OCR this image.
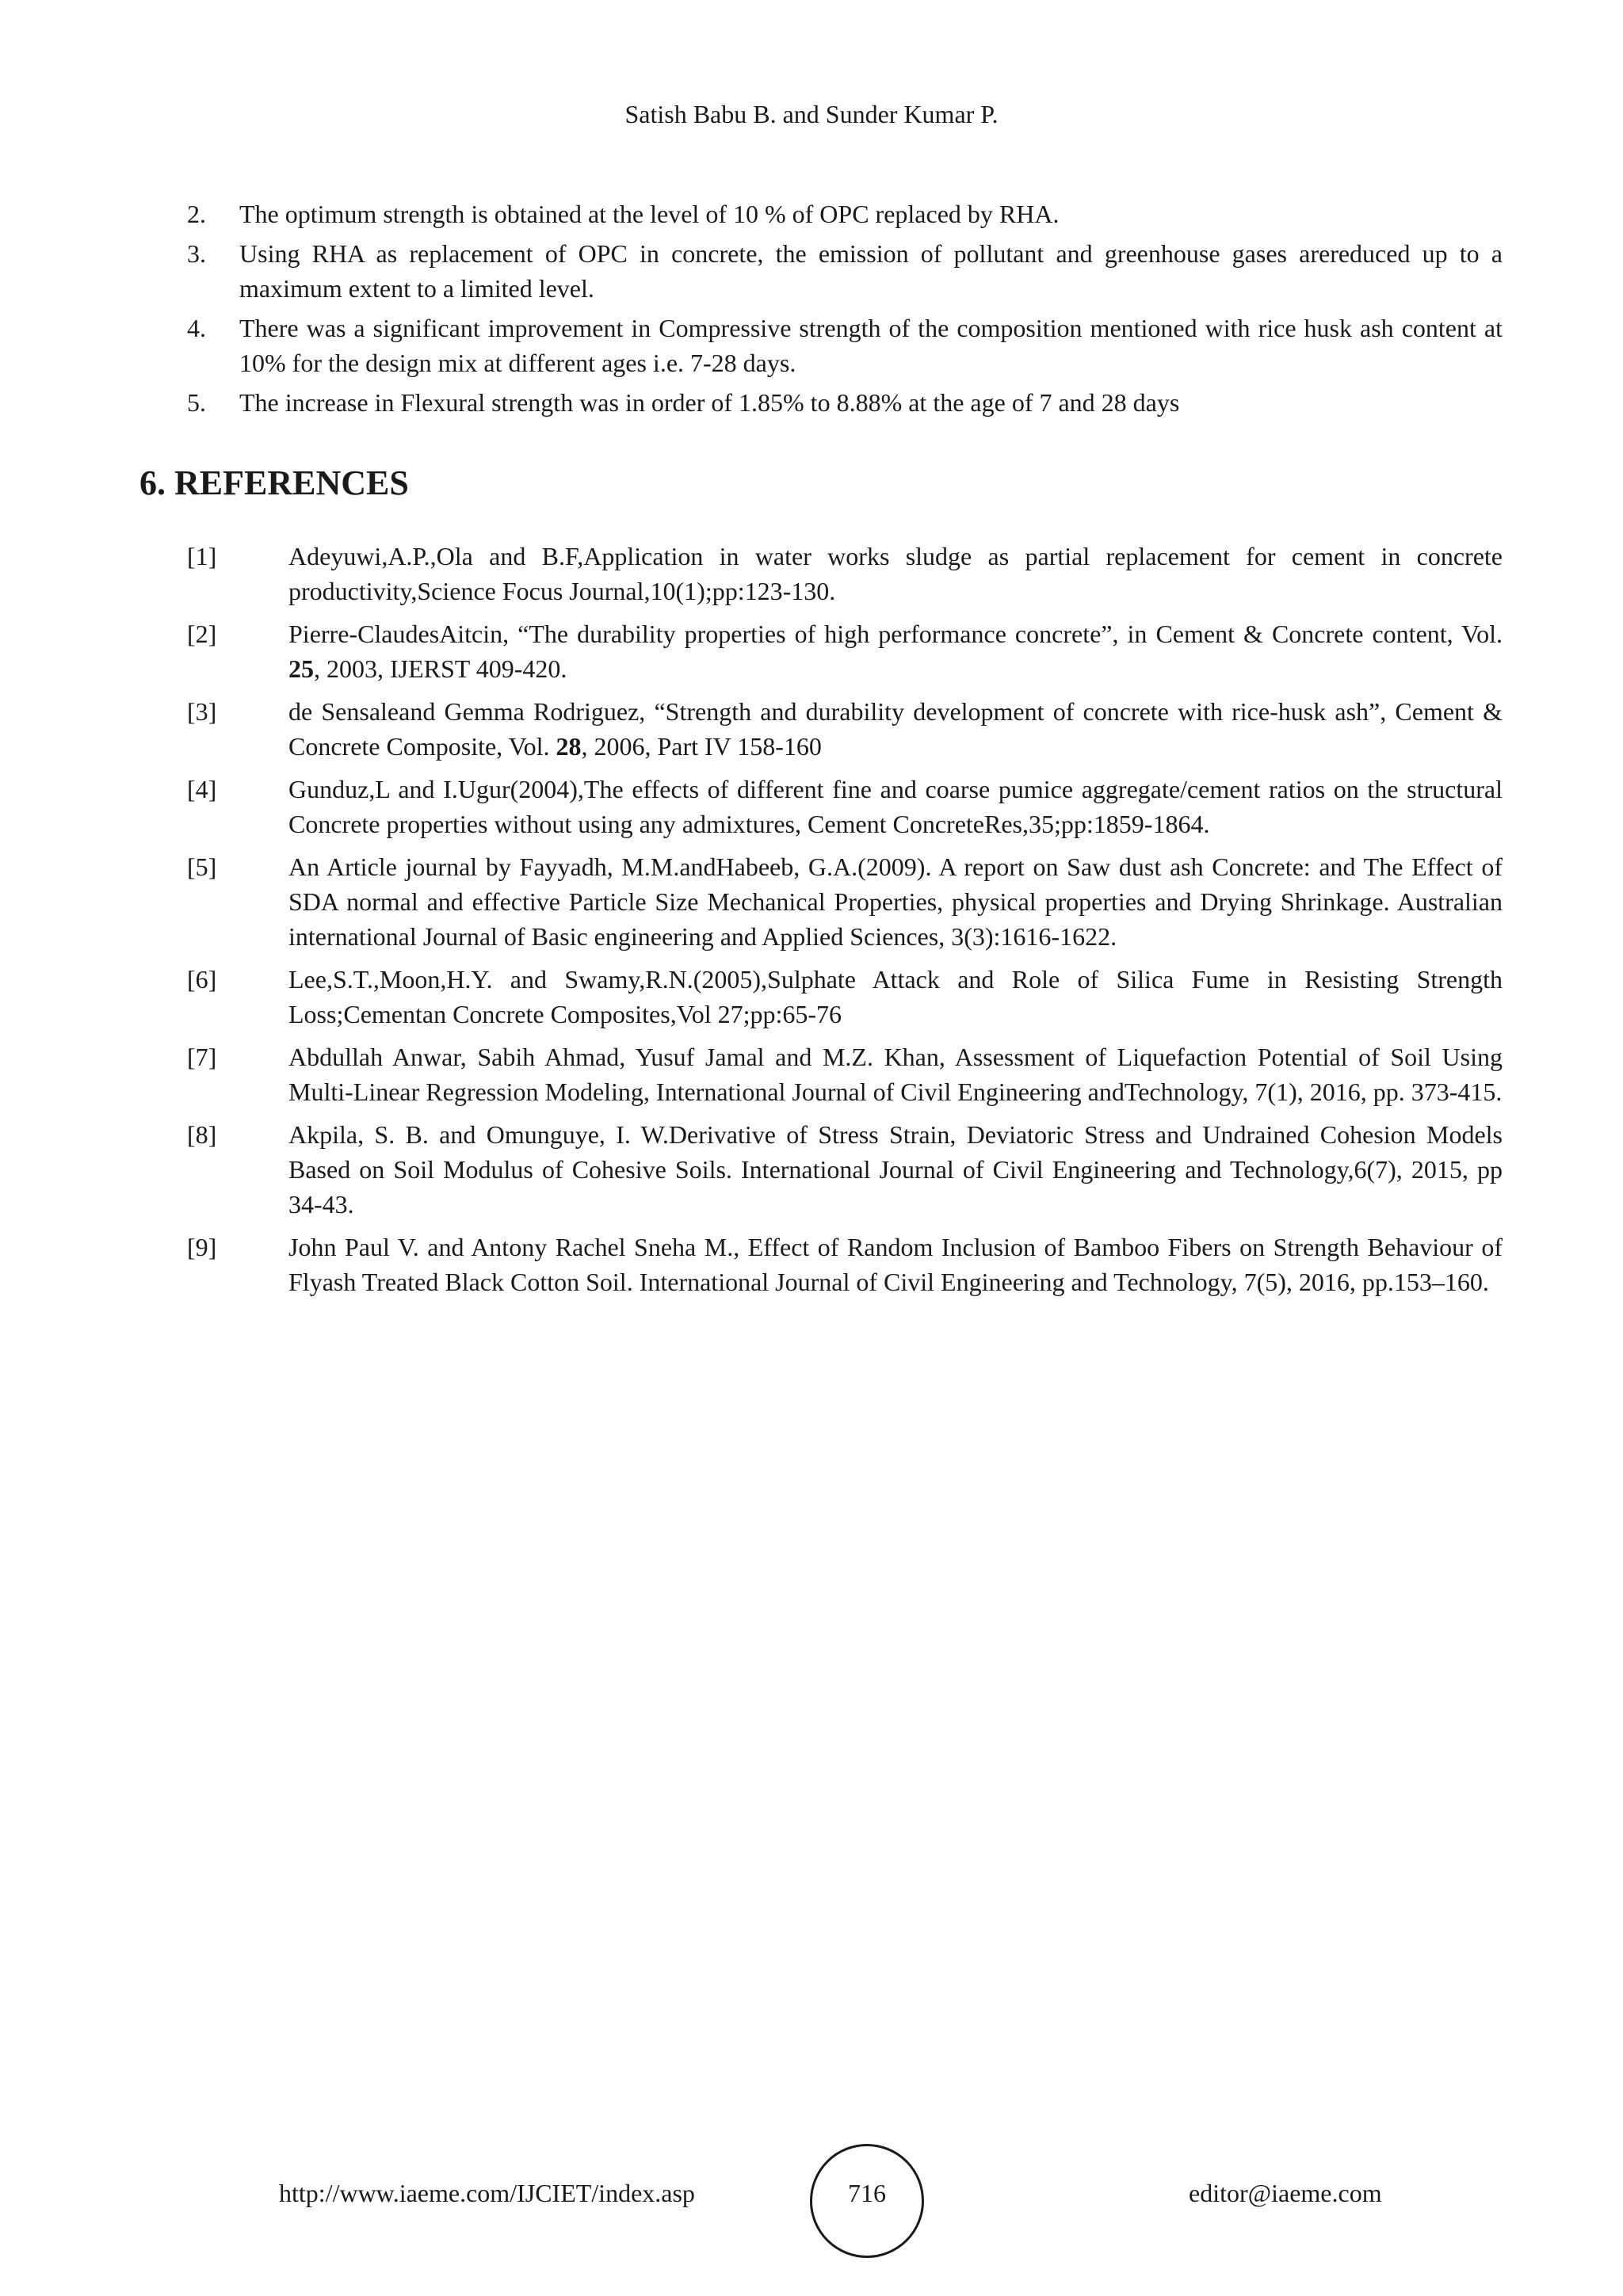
Satish Babu B. and Sunder Kumar P.
2. The optimum strength is obtained at the level of 10 % of OPC replaced by RHA.
3. Using RHA as replacement of OPC in concrete, the emission of pollutant and greenhouse gases arereduced up to a maximum extent to a limited level.
4. There was a significant improvement in Compressive strength of the composition mentioned with rice husk ash content at 10% for the design mix at different ages i.e. 7-28 days.
5. The increase in Flexural strength was in order of 1.85% to 8.88% at the age of 7 and 28 days
6. REFERENCES
[1]	Adeyuwi,A.P.,Ola and B.F,Application in water works sludge as partial replacement for cement in concrete productivity,Science Focus Journal,10(1);pp:123-130.
[2]	Pierre-ClaudesAitcin, “The durability properties of high performance concrete”, in Cement & Concrete content, Vol. 25, 2003, IJERST 409-420.
[3]	de Sensaleand Gemma Rodriguez, “Strength and durability development of concrete with rice-husk ash”, Cement & Concrete Composite, Vol. 28, 2006, Part IV 158-160
[4]	Gunduz,L and I.Ugur(2004),The effects of different fine and coarse pumice aggregate/cement ratios on the structural Concrete properties without using any admixtures, Cement ConcreteRes,35;pp:1859-1864.
[5]	An Article journal by Fayyadh, M.M.andHabeeb, G.A.(2009). A report on Saw dust ash Concrete: and The Effect of SDA normal and effective Particle Size Mechanical Properties, physical properties and Drying Shrinkage. Australian international Journal of Basic engineering and Applied Sciences, 3(3):1616-1622.
[6]	Lee,S.T.,Moon,H.Y. and Swamy,R.N.(2005),Sulphate Attack and Role of Silica Fume in Resisting Strength Loss;Cementan Concrete Composites,Vol 27;pp:65-76
[7]	Abdullah Anwar, Sabih Ahmad, Yusuf Jamal and M.Z. Khan, Assessment of Liquefaction Potential of Soil Using Multi-Linear Regression Modeling, International Journal of Civil Engineering andTechnology, 7(1), 2016, pp. 373-415.
[8]	Akpila, S. B. and Omunguye, I. W.Derivative of Stress Strain, Deviatoric Stress and Undrained Cohesion Models Based on Soil Modulus of Cohesive Soils. International Journal of Civil Engineering and Technology,6(7), 2015, pp 34-43.
[9]	John Paul V. and Antony Rachel Sneha M., Effect of Random Inclusion of Bamboo Fibers on Strength Behaviour of Flyash Treated Black Cotton Soil. International Journal of Civil Engineering and Technology, 7(5), 2016, pp.153–160.
http://www.iaeme.com/IJCIET/index.asp	716	editor@iaeme.com
